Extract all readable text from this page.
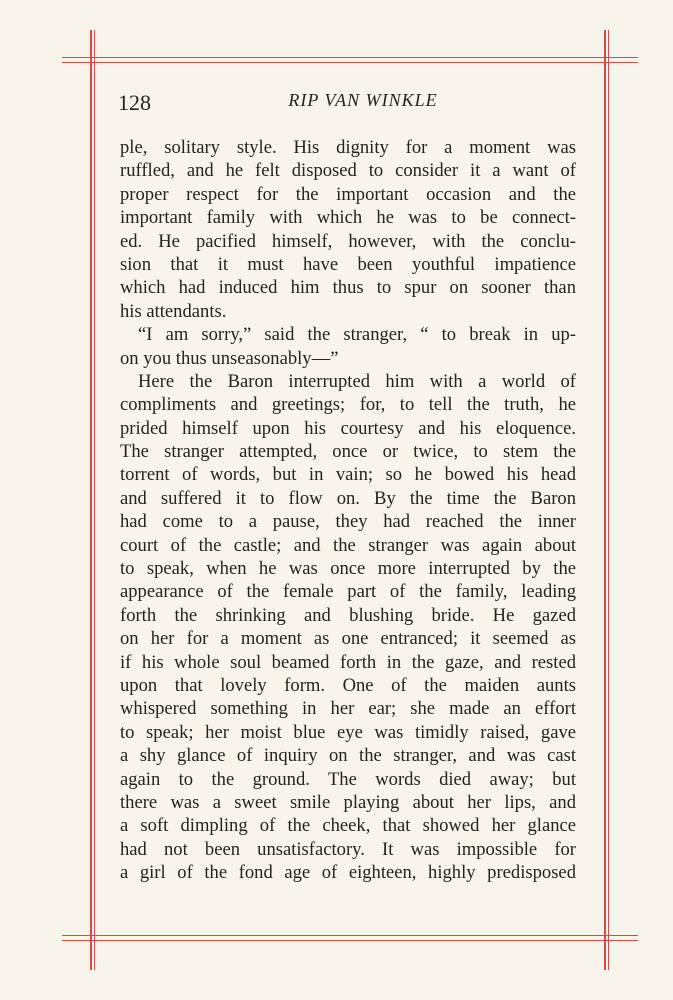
128	RIP VAN WINKLE
ple, solitary style. His dignity for a moment was
ruffled, and he felt disposed to consider it a want of
proper respect for the important occasion and the
important family with which he was to be connect-
ed. He pacified himself, however, with the conclu-
sion that it must have been youthful impatience
which had induced him thus to spur on sooner than
his attendants.
“I am sorry,” said the stranger, “ to break in up-
on you thus unseasonably—”
Here the Baron interrupted him with a world of
compliments and greetings; for, to tell the truth, he
prided himself upon his courtesy and his eloquence.
The stranger attempted, once or twice, to stem the
torrent of words, but in vain; so he bowed his head
and suffered it to flow on. By the time the Baron
had come to a pause, they had reached the inner
court of the castle; and the stranger was again about
to speak, when he was once more interrupted by the
appearance of the female part of the family, leading
forth the shrinking and blushing bride. He gazed
on her for a moment as one entranced; it seemed as
if his whole soul beamed forth in the gaze, and rested
upon that lovely form. One of the maiden aunts
whispered something in her ear; she made an effort
to speak; her moist blue eye was timidly raised, gave
a shy glance of inquiry on the stranger, and was cast
again to the ground. The words died away; but
there was a sweet smile playing about her lips, and
a soft dimpling of the cheek, that showed her glance
had not been unsatisfactory. It was impossible for
a girl of the fond age of eighteen, highly predisposed
